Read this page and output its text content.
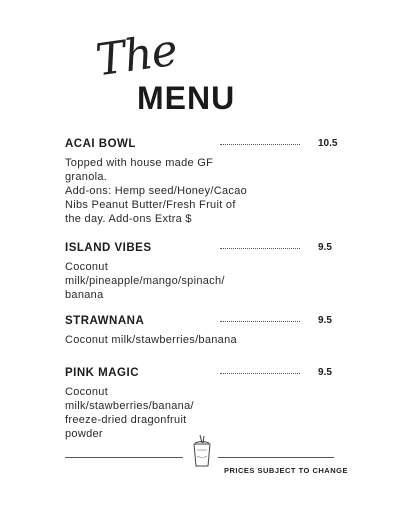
The
MENU
ACAI BOWL	10.5
Topped with house made GF
granola.
Add-ons: Hemp seed/Honey/Cacao
Nibs Peanut Butter/Fresh Fruit of
the day. Add-ons Extra $
ISLAND VIBES	9.5
Coconut
milk/pineapple/mango/spinach/
banana
STRAWNANA	9.5
Coconut milk/stawberries/banana
PINK MAGIC	9.5
Coconut
milk/stawberries/banana/
freeze-dried dragonfruit
powder
PRICES SUBJECT TO CHANGE
